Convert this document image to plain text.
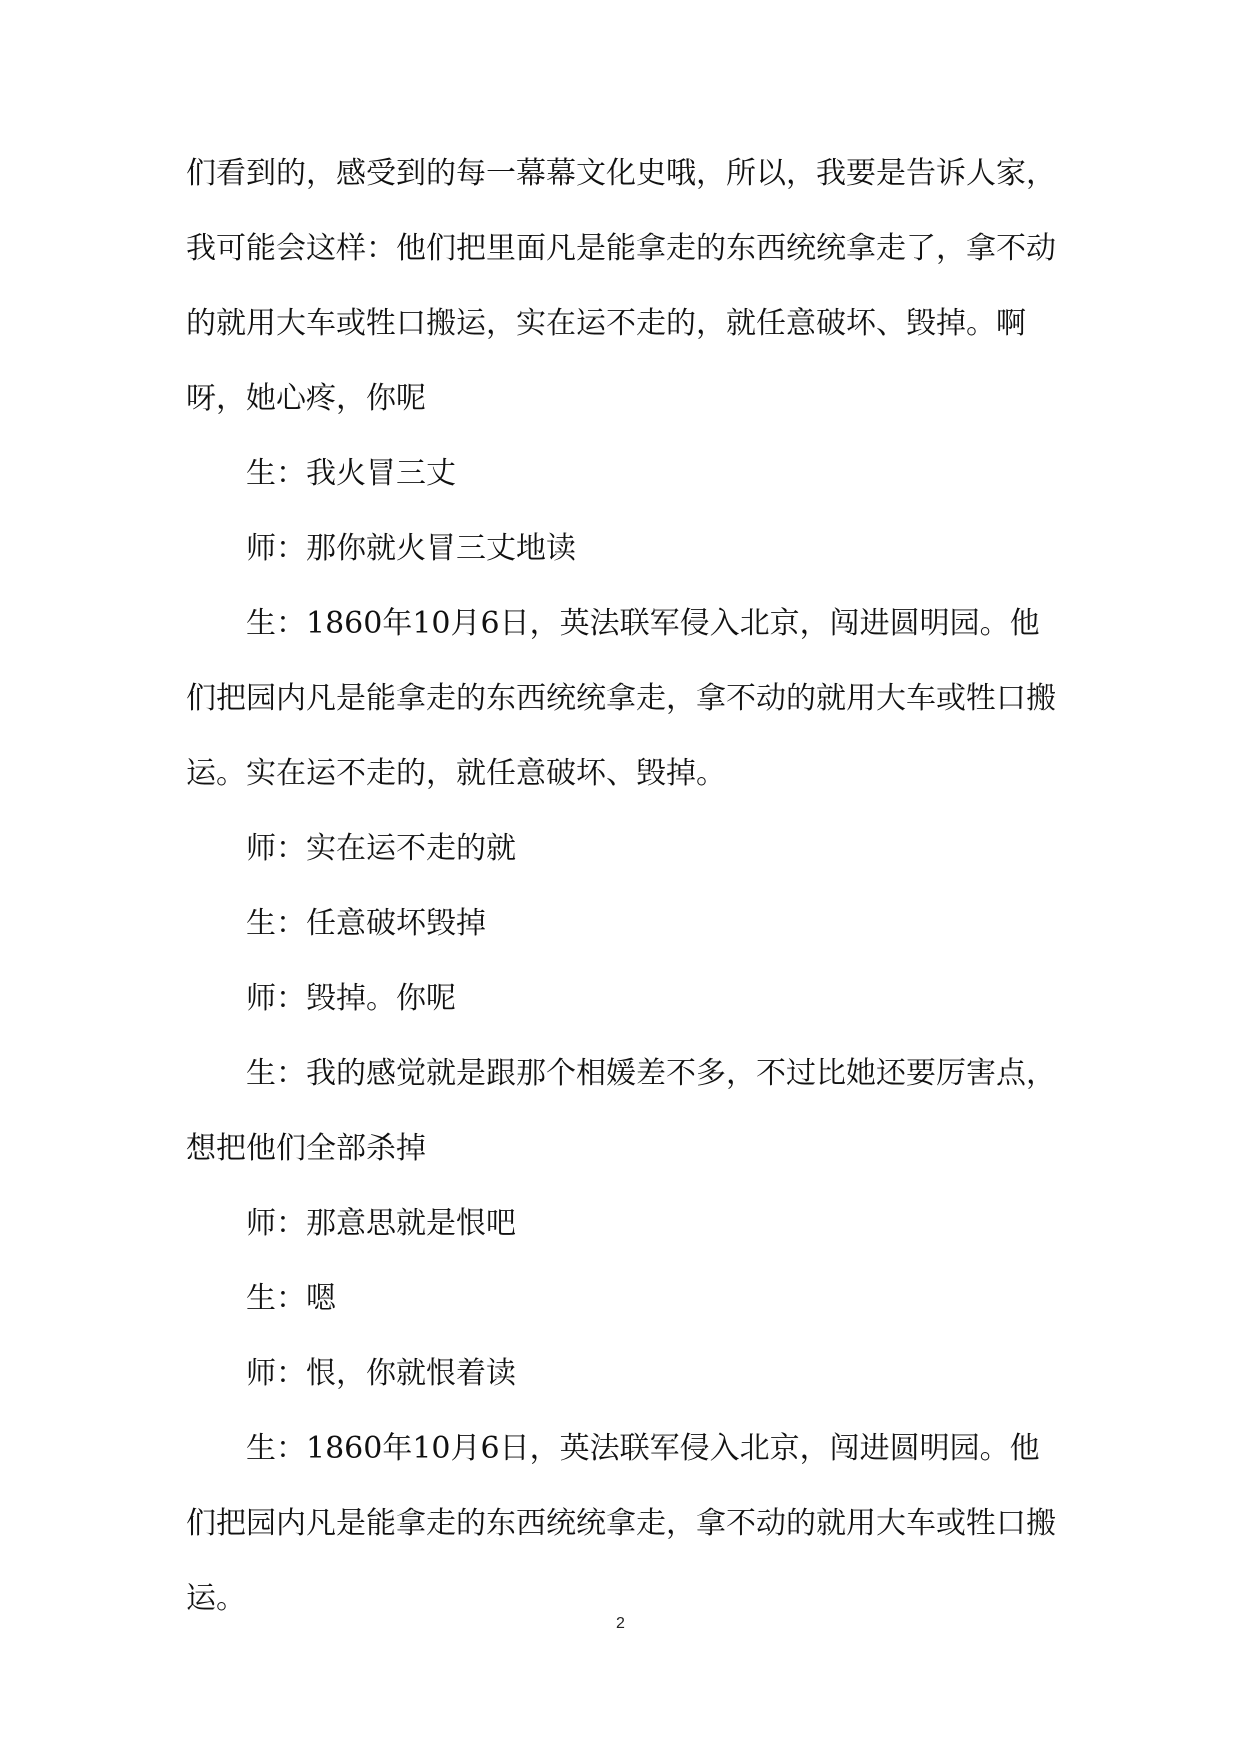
们看到的，感受到的每一幕幕文化史哦，所以，我要是告诉人家，我可能会这样：他们把里面凡是能拿走的东西统统拿走了，拿不动的就用大车或牲口搬运，实在运不走的，就任意破坏、毁掉。啊呀，她心疼，你呢

生：我火冒三丈

师：那你就火冒三丈地读

生：1860年10月6日，英法联军侵入北京，闯进圆明园。他们把园内凡是能拿走的东西统统拿走，拿不动的就用大车或牲口搬运。实在运不走的，就任意破坏、毁掉。

师：实在运不走的就

生：任意破坏毁掉

师：毁掉。你呢

生：我的感觉就是跟那个相媛差不多，不过比她还要厉害点，想把他们全部杀掉

师：那意思就是恨吧

生：嗯

师：恨，你就恨着读

生：1860年10月6日，英法联军侵入北京，闯进圆明园。他们把园内凡是能拿走的东西统统拿走，拿不动的就用大车或牲口搬运。

2
